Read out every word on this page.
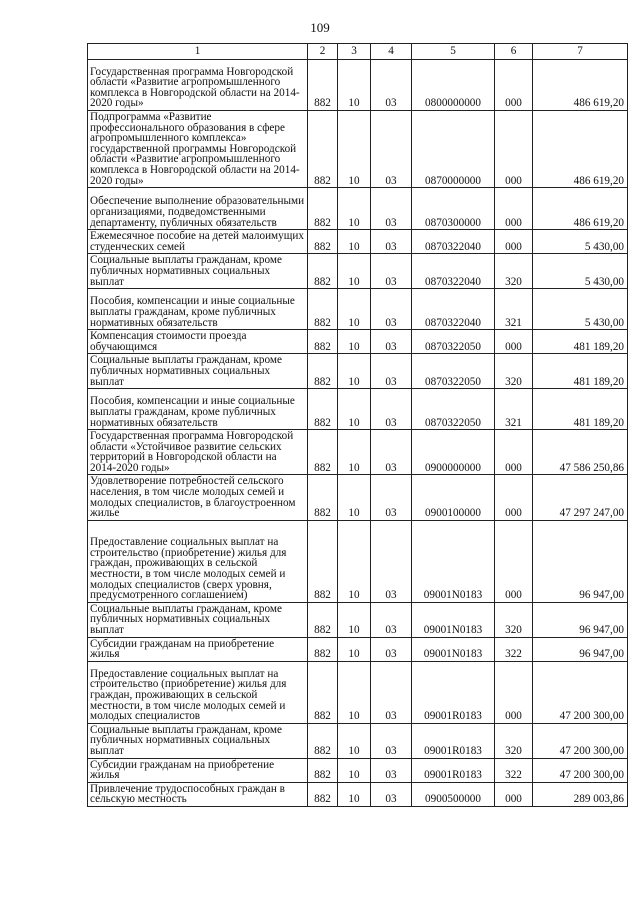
109
1	2	3	4	5	6	7
Государственная программа Новгородской области «Развитие агропромышленного комплекса в Новгородской области на 2014-2020 годы»	882	10	03	0800000000	000	486 619,20
Подпрограмма «Развитие профессионального образования в сфере агропромышленного комплекса» государственной программы Новгородской области «Развитие агропромышленного комплекса в Новгородской области на 2014-2020 годы»	882	10	03	0870000000	000	486 619,20
Обеспечение выполнение образовательными организациями, подведомственными департаменту, публичных обязательств	882	10	03	0870300000	000	486 619,20
Ежемесячное пособие на детей малоимущих студенческих семей	882	10	03	0870322040	000	5 430,00
Социальные выплаты гражданам, кроме публичных нормативных социальных выплат	882	10	03	0870322040	320	5 430,00
Пособия, компенсации и иные социальные выплаты гражданам, кроме публичных нормативных обязательств	882	10	03	0870322040	321	5 430,00
Компенсация стоимости проезда обучающимся	882	10	03	0870322050	000	481 189,20
Социальные выплаты гражданам, кроме публичных нормативных социальных выплат	882	10	03	0870322050	320	481 189,20
Пособия, компенсации и иные социальные выплаты гражданам, кроме публичных нормативных обязательств	882	10	03	0870322050	321	481 189,20
Государственная программа Новгородской области «Устойчивое развитие сельских территорий в Новгородской области на 2014-2020 годы»	882	10	03	0900000000	000	47 586 250,86
Удовлетворение потребностей сельского населения, в том числе молодых семей и молодых специалистов, в благоустроенном жилье	882	10	03	0900100000	000	47 297 247,00
Предоставление социальных выплат на строительство (приобретение) жилья для граждан, проживающих в сельской местности, в том числе молодых семей и молодых специалистов (сверх уровня, предусмотренного соглашением)	882	10	03	09001N0183	000	96 947,00
Социальные выплаты гражданам, кроме публичных нормативных социальных выплат	882	10	03	09001N0183	320	96 947,00
Субсидии гражданам на приобретение жилья	882	10	03	09001N0183	322	96 947,00
Предоставление социальных выплат на строительство (приобретение) жилья для граждан, проживающих в сельской местности, в том числе молодых семей и молодых специалистов	882	10	03	09001R0183	000	47 200 300,00
Социальные выплаты гражданам, кроме публичных нормативных социальных выплат	882	10	03	09001R0183	320	47 200 300,00
Субсидии гражданам на приобретение жилья	882	10	03	09001R0183	322	47 200 300,00
Привлечение трудоспособных граждан в сельскую местность	882	10	03	0900500000	000	289 003,86
